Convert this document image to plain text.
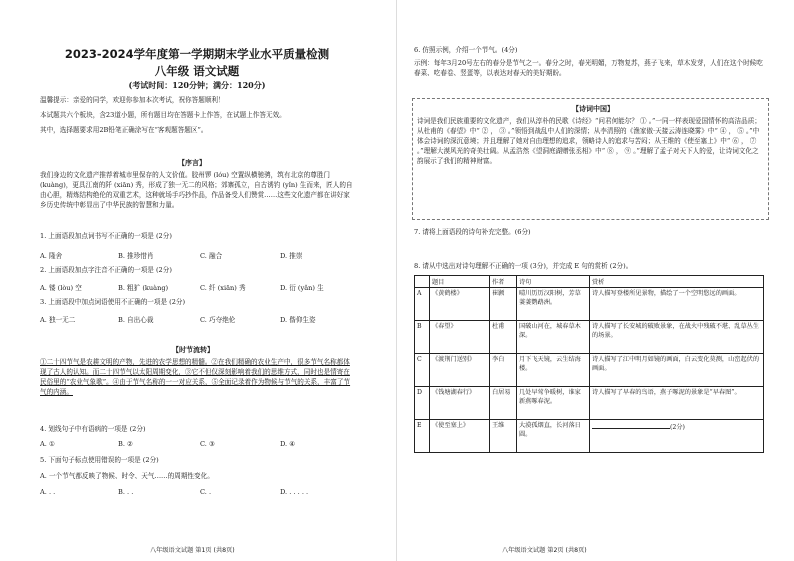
2023-2024学年度第一学期期末学业水平质量检测
八年级 语文试题
(考试时间：120分钟；满分：120分)
温馨提示：亲爱的同学，欢迎你参加本次考试，祝你答题顺利！
本试题共六个板块，含23道小题，所有题目均在答题卡上作答，在试题上作答无效。
其中，选择题要求用2B铅笔正确涂写在“客观题答题区”。
【序言】
我们身边的文化遗产推荐着城市里保存的人文价值。胶州锣 (lóu) 空置纵横驰骋，筑有北京的尊胜门 (kuàng)，更具江南的阡 (xiān) 秀，形成了独一无二的风格；郊寨孤立，自古诱钓 (yǐn) 生而来，匠人的自由心胆，精炼结构绝伦的双重艺术，这种就场手巧抄作品，作品备受人们赞赏……这些文化遗产都在讲好家乡历史传统中彰显出了中华民族的智慧和力量。
1. 上面语段加点词书写不正确的一项是 (2分)
A. 隆舍	B. 推珍惜肖	C. 融合	D. 推崇
2. 上面语段加点字注音不正确的一项是 (2分)
A. 镂 (lòu) 空	B. 粗犷 (kuàng)	C. 纤 (xiān) 秀	D. 衍 (yǎn) 生
3. 上面语段中加点词语使用不正确的一项是 (2分)
A. 独一无二	B. 自出心裁	C. 巧夺绝伦	D. 偕仰生姿
【时节流转】
①二十四节气是农耕文明的产物，先进的农学思想的精髓。②在我们精确的农业生产中，很多节气名称都体现了古人的认知。而二十四节气以太阳周期变化，③它不但仅深刻影响着我们的思维方式，同时也是情寄在民俗里的“农业气象歌”。④由于节气名称的一一对应关系，⑤全面记录着作为物候与节气的关系，丰富了节气的内涵。
4. 划线句子中有语病的一项是 (2分)
A. ①	B. ②	C. ③	D. ④
5. 下面句子标点使用错误的一项是 (2分)
A. 一个节气都反映了物候、时令、天气……的周期性变化。
A. . .	B. . .	C. .	D. . . . . .
八年级语文试题 第1页 (共8页)
6. 仿照示例，介绍一个节气。(4分)
示例：每年3月20号左右的春分是节气之一。春分之时，春光明媚，万物复苏，燕子飞来，草木发芽，人们在这个时候吃春菜、吃春卷、竖蛋等，以表达对春天的美好期盼。
【诗词中国】
诗词是我们民族重要的文化遗产，我们从淳朴的民歌《诗经》“问君何能尔？ ① 。”一同一样表现爱国情怀的高洁品质；从杜甫的《春望》中“ ② ， ③ 。”领悟到战乱中人们的深情；从李清照的《渔家傲·天接云涛连晓雾》中“ ④ ， ⑤ 。”中体会诗词的深沉意境；并且理解了她对自由理想的追求，领略诗人的追求与苦闷；从王维的《使至塞上》中“ ⑥ ， ⑦ 。”理解大漠风光的奇美壮阔。从孟浩然《望洞庭湖赠张丞相》中“ ⑧ ， ⑨ 。”理解了孟子对天下人的爱，让诗词文化之韵展示了我们的精神财富。
7. 请将上面语段的诗句补充完整。(6分)
8. 请从中选出对诗句理解不正确的一项 (3分)，并完成 E 句的赏析 (2分)。
八年级语文试题 第2页 (共8页)
	题目	作者	诗句	赏析
A	《黄鹤楼》	崔颢	晴川历历汉阳树，芳草萋萋鹦鹉洲。	诗人描写登楼所见景物，描绘了一个空明悠远的画面。
B	《春望》	杜甫	国破山河在，城春草木深。	诗人描写了长安城的破败景象，在战火中残破不堪、乱草丛生的场景。
C	《渡荆门送别》	李白	月下飞天镜，云生结海楼。	诗人描写了江中明月如镜的画面，白云变化莫测，山峦起伏的画面。
D	《钱塘湖春行》	白居易	几处早莺争暖树，谁家新燕啄春泥。	诗人描写了早春的鸟语，燕子啄泥的景象是“早春图”。
E	《使至塞上》	王维	大漠孤烟直，长河落日圆。	(2分)
